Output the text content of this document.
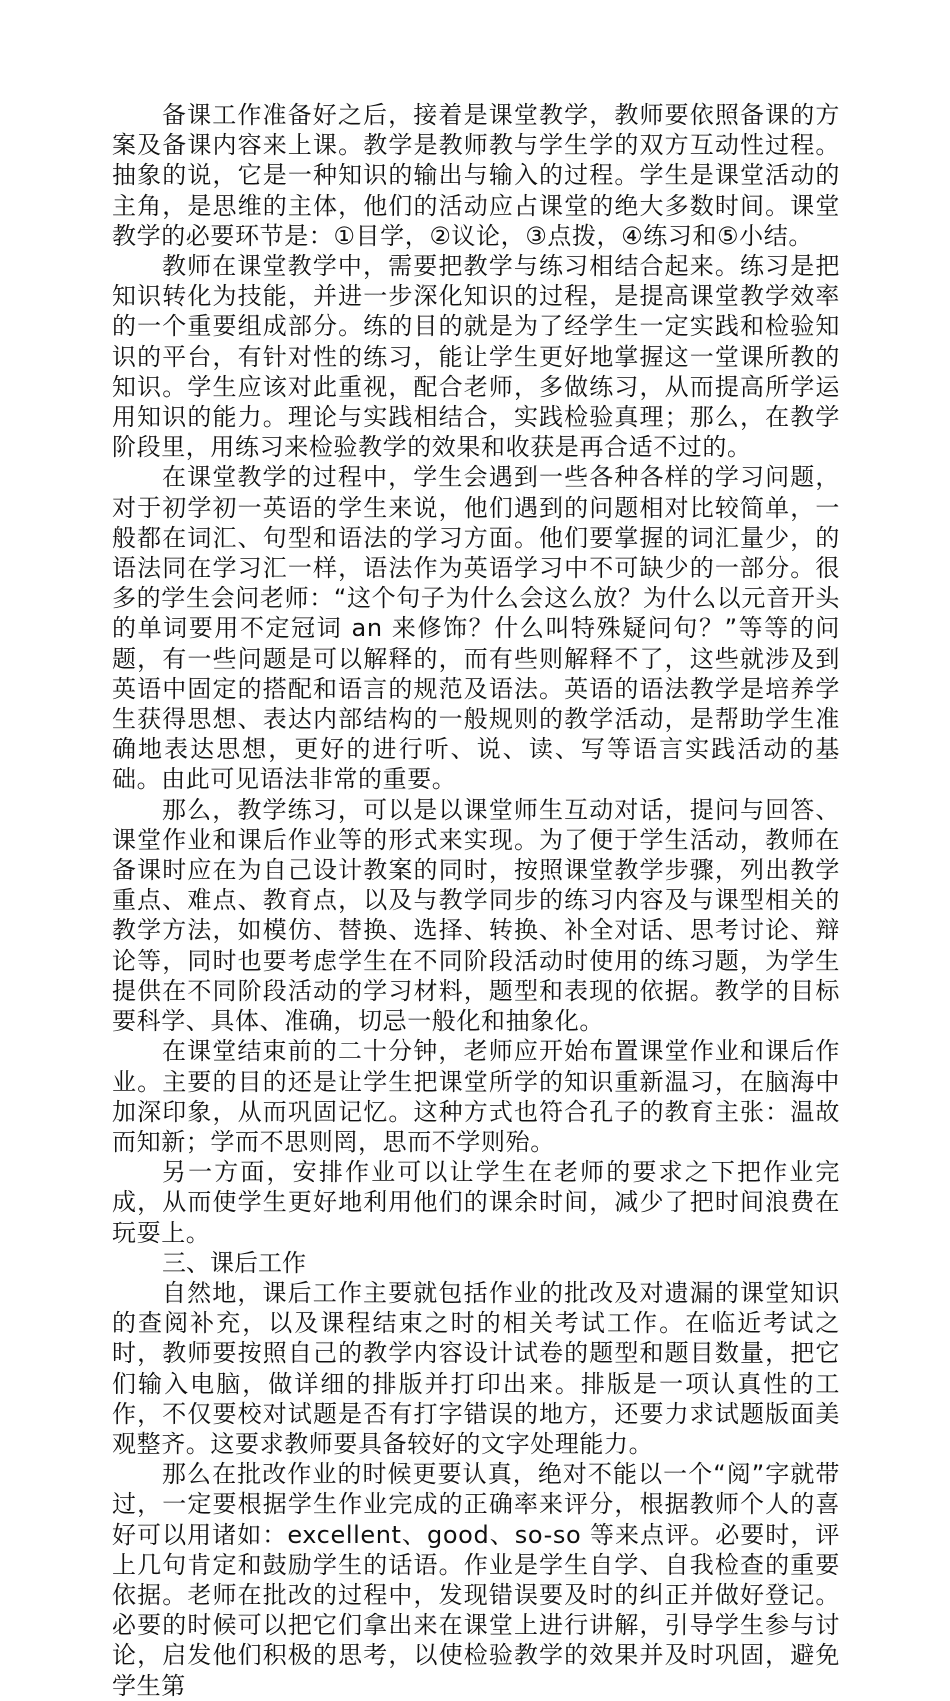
备课工作准备好之后，接着是课堂教学，教师要依照备课的方案及备课内容来上课。教学是教师教与学生学的双方互动性过程。抽象的说，它是一种知识的输出与输入的过程。学生是课堂活动的主角，是思维的主体，他们的活动应占课堂的绝大多数时间。课堂教学的必要环节是：①目学，②议论，③点拨，④练习和⑤小结。

教师在课堂教学中，需要把教学与练习相结合起来。练习是把知识转化为技能，并进一步深化知识的过程，是提高课堂教学效率的一个重要组成部分。练的目的就是为了经学生一定实践和检验知识的平台，有针对性的练习，能让学生更好地掌握这一堂课所教的知识。学生应该对此重视，配合老师，多做练习，从而提高所学运用知识的能力。理论与实践相结合，实践检验真理；那么，在教学阶段里，用练习来检验教学的效果和收获是再合适不过的。

在课堂教学的过程中，学生会遇到一些各种各样的学习问题，对于初学初一英语的学生来说，他们遇到的问题相对比较简单，一般都在词汇、句型和语法的学习方面。他们要掌握的词汇量少，的语法同在学习汇一样，语法作为英语学习中不可缺少的一部分。很多的学生会问老师：“这个句子为什么会这么放？为什么以元音开头的单词要用不定冠词 an 来修饰？什么叫特殊疑问句？”等等的问题，有一些问题是可以解释的，而有些则解释不了，这些就涉及到英语中固定的搭配和语言的规范及语法。英语的语法教学是培养学生获得思想、表达内部结构的一般规则的教学活动，是帮助学生准确地表达思想，更好的进行听、说、读、写等语言实践活动的基础。由此可见语法非常的重要。

那么，教学练习，可以是以课堂师生互动对话，提问与回答、课堂作业和课后作业等的形式来实现。为了便于学生活动，教师在备课时应在为自己设计教案的同时，按照课堂教学步骤，列出教学重点、难点、教育点，以及与教学同步的练习内容及与课型相关的教学方法，如模仿、替换、选择、转换、补全对话、思考讨论、辩论等，同时也要考虑学生在不同阶段活动时使用的练习题，为学生提供在不同阶段活动的学习材料，题型和表现的依据。教学的目标要科学、具体、准确，切忌一般化和抽象化。

在课堂结束前的二十分钟，老师应开始布置课堂作业和课后作业。主要的目的还是让学生把课堂所学的知识重新温习，在脑海中加深印象，从而巩固记忆。这种方式也符合孔子的教育主张：温故而知新；学而不思则罔，思而不学则殆。

另一方面，安排作业可以让学生在老师的要求之下把作业完成，从而使学生更好地利用他们的课余时间，减少了把时间浪费在玩耍上。

三、课后工作

自然地，课后工作主要就包括作业的批改及对遗漏的课堂知识的查阅补充，以及课程结束之时的相关考试工作。在临近考试之时，教师要按照自己的教学内容设计试卷的题型和题目数量，把它们输入电脑，做详细的排版并打印出来。排版是一项认真性的工作，不仅要校对试题是否有打字错误的地方，还要力求试题版面美观整齐。这要求教师要具备较好的文字处理能力。

那么在批改作业的时候更要认真，绝对不能以一个“阅”字就带过，一定要根据学生作业完成的正确率来评分，根据教师个人的喜好可以用诸如：excellent、good、so-so 等来点评。必要时，评上几句肯定和鼓励学生的话语。作业是学生自学、自我检查的重要依据。老师在批改的过程中，发现错误要及时的纠正并做好登记。必要的时候可以把它们拿出来在课堂上进行讲解，引导学生参与讨论，启发他们积极的思考，以使检验教学的效果并及时巩固，避免学生第
